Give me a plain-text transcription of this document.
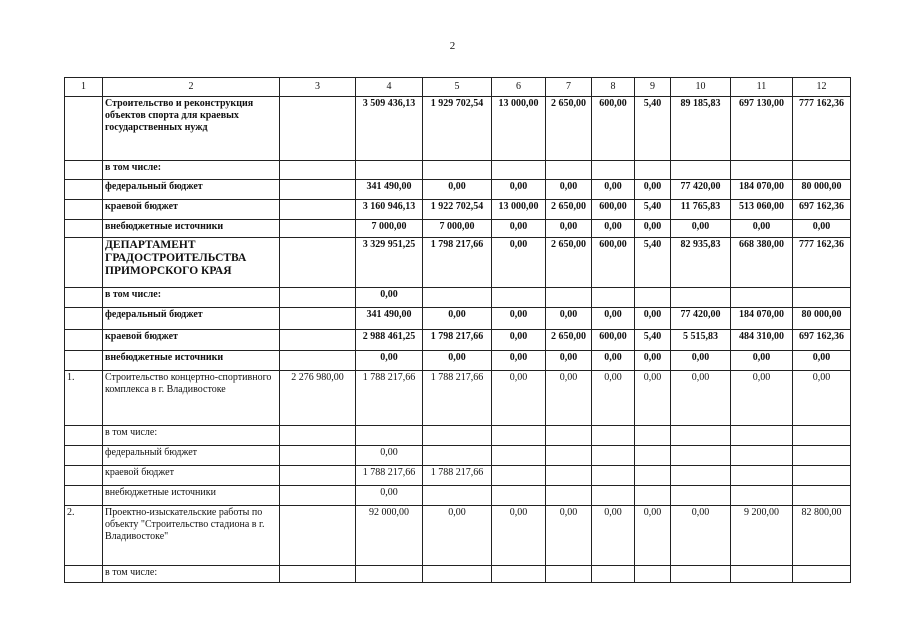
2
1	2	3	4	5	6	7	8	9	10	11	12
	Строительство и реконструкция объектов спорта для краевых государственных нужд		3 509 436,13	1 929 702,54	13 000,00	2 650,00	600,00	5,40	89 185,83	697 130,00	777 162,36
	в том числе:										
	федеральный бюджет		341 490,00	0,00	0,00	0,00	0,00	0,00	77 420,00	184 070,00	80 000,00
	краевой бюджет		3 160 946,13	1 922 702,54	13 000,00	2 650,00	600,00	5,40	11 765,83	513 060,00	697 162,36
	внебюджетные источники		7 000,00	7 000,00	0,00	0,00	0,00	0,00	0,00	0,00	0,00
	ДЕПАРТАМЕНТ ГРАДОСТРОИТЕЛЬСТВА ПРИМОРСКОГО КРАЯ		3 329 951,25	1 798 217,66	0,00	2 650,00	600,00	5,40	82 935,83	668 380,00	777 162,36
	в том числе:		0,00								
	федеральный бюджет		341 490,00	0,00	0,00	0,00	0,00	0,00	77 420,00	184 070,00	80 000,00
	краевой бюджет		2 988 461,25	1 798 217,66	0,00	2 650,00	600,00	5,40	5 515,83	484 310,00	697 162,36
	внебюджетные источники		0,00	0,00	0,00	0,00	0,00	0,00	0,00	0,00	0,00
1.	Строительство концертно-спортивного комплекса в г. Владивостоке	2 276 980,00	1 788 217,66	1 788 217,66	0,00	0,00	0,00	0,00	0,00	0,00	0,00
	в том числе:										
	федеральный бюджет		0,00								
	краевой бюджет		1 788 217,66	1 788 217,66							
	внебюджетные источники		0,00								
2.	Проектно-изыскательские работы по объекту "Строительство стадиона в г. Владивостоке"		92 000,00	0,00	0,00	0,00	0,00	0,00	0,00	9 200,00	82 800,00
	в том числе:										
